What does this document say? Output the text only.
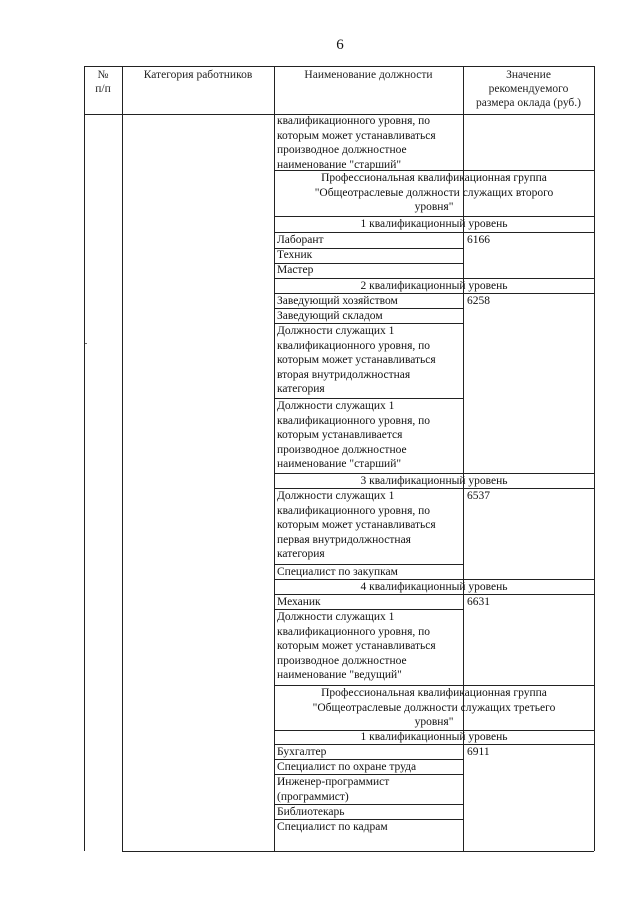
6
№
п/п
Категория работников	Наименование должности	Значение
рекомендуемого
размера оклада (руб.)
квалификационного уровня, по
которым может устанавливаться
производное должностное
наименование "старший"
Профессиональная квалификационная группа
"Общеотраслевые должности служащих второго
уровня"
1 квалификационный уровень
Лаборант
Техник
Мастер
6166
2 квалификационный уровень
Заведующий хозяйством
Заведующий складом
Должности служащих 1
квалификационного уровня, по
которым может устанавливаться
вторая внутридолжностная
категория
Должности служащих 1
квалификационного уровня, по
которым устанавливается
производное должностное
наименование "старший"
6258
3 квалификационный уровень
Должности служащих 1
квалификационного уровня, по
которым может устанавливаться
первая внутридолжностная
категория
Специалист по закупкам
6537
4 квалификационный уровень
Механик
Должности служащих 1
квалификационного уровня, по
которым может устанавливаться
производное должностное
наименование "ведущий"
6631
Профессиональная квалификационная группа
"Общеотраслевые должности служащих третьего
уровня"
1 квалификационный уровень
Бухгалтер
Специалист по охране труда
Инженер-программист
(программист)
Библиотекарь
Специалист по кадрам
6911
